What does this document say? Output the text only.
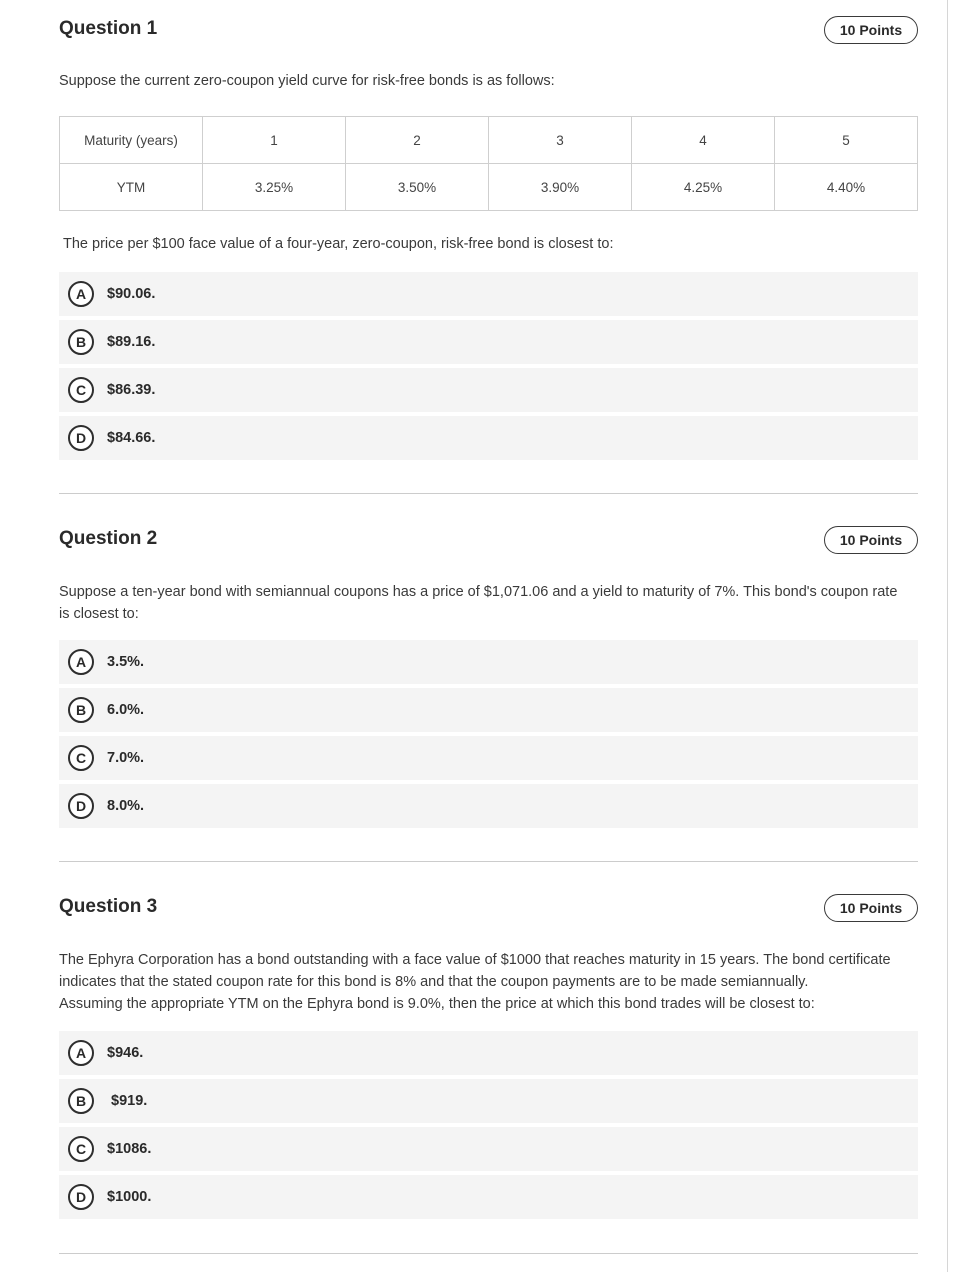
Question 1	10 Points
Suppose the current zero-coupon yield curve for risk-free bonds is as follows:
Maturity (years)	1	2	3	4	5
YTM	3.25%	3.50%	3.90%	4.25%	4.40%
The price per $100 face value of a four-year, zero-coupon, risk-free bond is closest to:
A	$90.06.
B	$89.16.
C	$86.39.
D	$84.66.
Question 2	10 Points
Suppose a ten-year bond with semiannual coupons has a price of $1,071.06 and a yield to maturity of 7%. This bond's coupon rate
is closest to:
A	3.5%.
B	6.0%.
C	7.0%.
D	8.0%.
Question 3	10 Points
The Ephyra Corporation has a bond outstanding with a face value of $1000 that reaches maturity in 15 years. The bond certificate
indicates that the stated coupon rate for this bond is 8% and that the coupon payments are to be made semiannually.
Assuming the appropriate YTM on the Ephyra bond is 9.0%, then the price at which this bond trades will be closest to:
A	$946.
B	$919.
C	$1086.
D	$1000.
